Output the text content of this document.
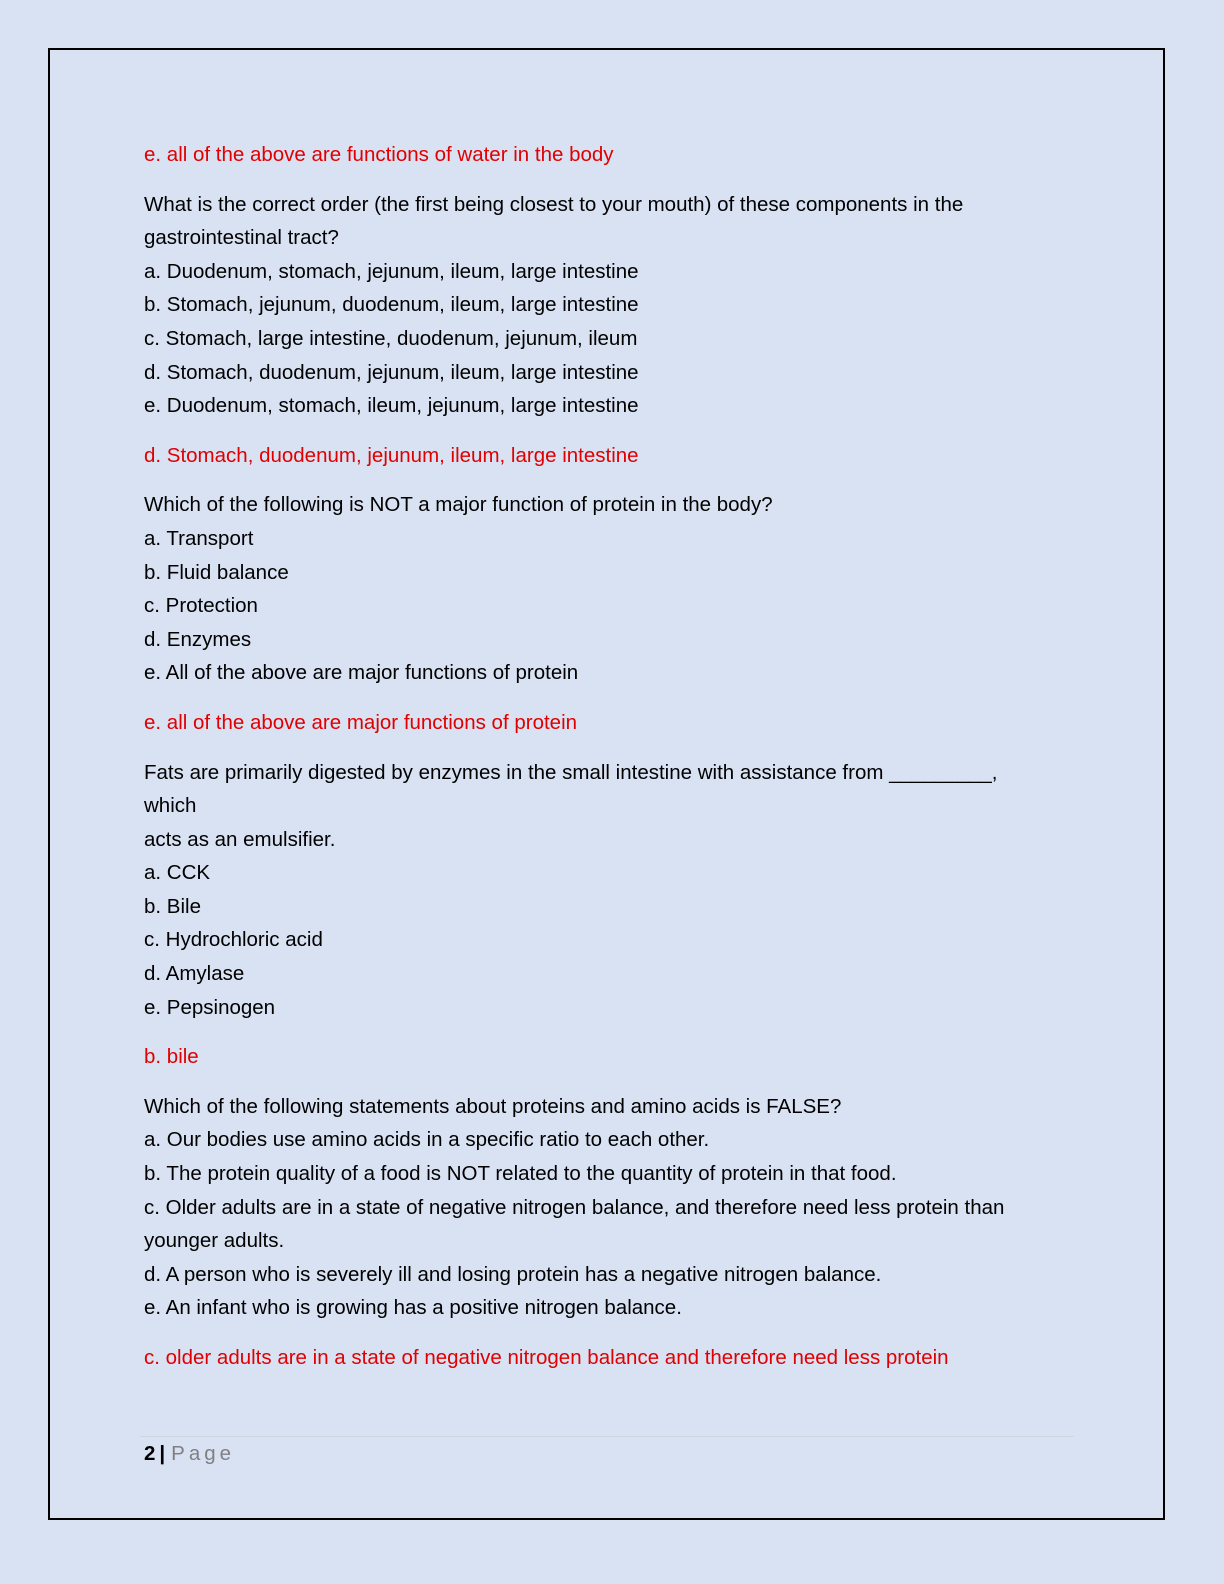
e. all of the above are functions of water in the body

What is the correct order (the first being closest to your mouth) of these components in the gastrointestinal tract?
a. Duodenum, stomach, jejunum, ileum, large intestine
b. Stomach, jejunum, duodenum, ileum, large intestine
c. Stomach, large intestine, duodenum, jejunum, ileum
d. Stomach, duodenum, jejunum, ileum, large intestine
e. Duodenum, stomach, ileum, jejunum, large intestine

d. Stomach, duodenum, jejunum, ileum, large intestine

Which of the following is NOT a major function of protein in the body?
a. Transport
b. Fluid balance
c. Protection
d. Enzymes
e. All of the above are major functions of protein

e. all of the above are major functions of protein

Fats are primarily digested by enzymes in the small intestine with assistance from _________,
which
acts as an emulsifier.
a. CCK
b. Bile
c. Hydrochloric acid
d. Amylase
e. Pepsinogen

b. bile

Which of the following statements about proteins and amino acids is FALSE?
a. Our bodies use amino acids in a specific ratio to each other.
b. The protein quality of a food is NOT related to the quantity of protein in that food.
c. Older adults are in a state of negative nitrogen balance, and therefore need less protein than younger adults.
d. A person who is severely ill and losing protein has a negative nitrogen balance.
e. An infant who is growing has a positive nitrogen balance.

c. older adults are in a state of negative nitrogen balance and therefore need less protein

2 | Page
